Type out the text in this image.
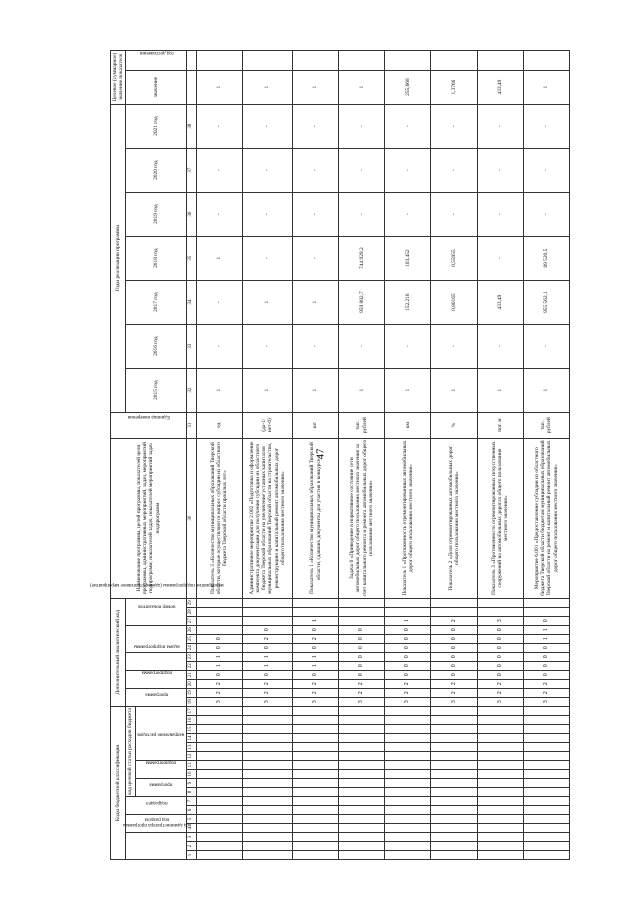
47
Коды бюджетной классификации																	Дополнительный аналитический код												Наименование программы, целей программы, показателей цели программы, административных мероприятий, задач, мероприятий подпрограмм, показателей задач, показателей мероприятий задач подпрограмм	Единица измерения	Годы реализации программы							Целевое (суммарное) значение показателя	
код администратора программы			код раздела		подраздел		код целевой статьи расходов бюджета										программа		подпрограмма		задача подпрограммы		мероприятие подпрограммы (административное мероприятие)			номер показателя					2015 год	2016 год	2017 год	2018 год	2019 год	2020 год	2021 год	значение	год достижения
							программа		подпрограмма		направление расходов																												
1	2	3	4	5	6	7	8	9	10	11	12	13	14	15	16	17	18	19	20	21	22	23	24	25	26	27	28	29	30	31	32	33	34	35	36	37	38		
																	3	2	2	0	1	1	0	0					Показатель 3 «Количество муниципальных образований Тверской области, которые осуществляются вопрос субсидии из областного бюджета Тверской области прошлых лет»	ед	1	-	-	1	-	-	-	1	
																	3	2	2	0	1	1	0	2	0				Административное мероприятие 2.002 «Подготовка и оформление комплекта документации для получения субсидии из областного бюджета Тверской области на увеличение уставных капиталов муниципальных образований Тверской области на строительство, реконструкцию и капитальный ремонт автомобильных дорог общего пользования местного значения»	(да-1/ нет-0)	1	-	1	-	-	-	-	1	
																	3	2	2	0	1	1	0	2	0	1			Показатель 1 «Количество муниципальных образований Тверской области, сдавших документы для участия в конкурсе»	шт	1	-	1	-	-	-	-	1	
																	3	2	2	0	0	0	0	0	0				Задача 6 «Приведение в нормативное состояние сети автомобильных дорог общего пользования местного значения за счет капитального ремонта и ремонта автомобильных дорог общего пользования местного значения»	тыс. рублей	1	-	959 882,7	744 929,2	-	-	-	1	
																	3	2	2	0	0	0	0	0	0	1			Показатель 1 «Протяженность отремонтированных автомобильных дорог общего пользования местного значения»	км	1	-	152,216	103,452	-	-	-	255,668	
																	3	2	2	0	0	0	0	0	0	2			Показатель 2 «Доля отремонтированных автомобильных дорог общего пользования местного значения»	%	1	-	0,80165	0,55955	-	-	-	1,3766	
																	3	2	2	0	0	0	0	0	0	3			Показатель 3 «Протяженность отремонтированных искусственных сооружений на автомобильных дорогах общего пользования местного значения»	пог. м	1	-	433,49	-	-	-	-	433,49	
																	3	2	2	0	0	0	0	1	1	0			Мероприятие 6.001 «Предоставление субсидии из областного бюджета Тверской области бюджетам муниципальных образований Тверской области на ремонт и капитальный ремонт автомобильных дорог общего пользования местного значения»	тыс. рублей	1	-	955 562,1	89 520,5	-	-	-	1	
